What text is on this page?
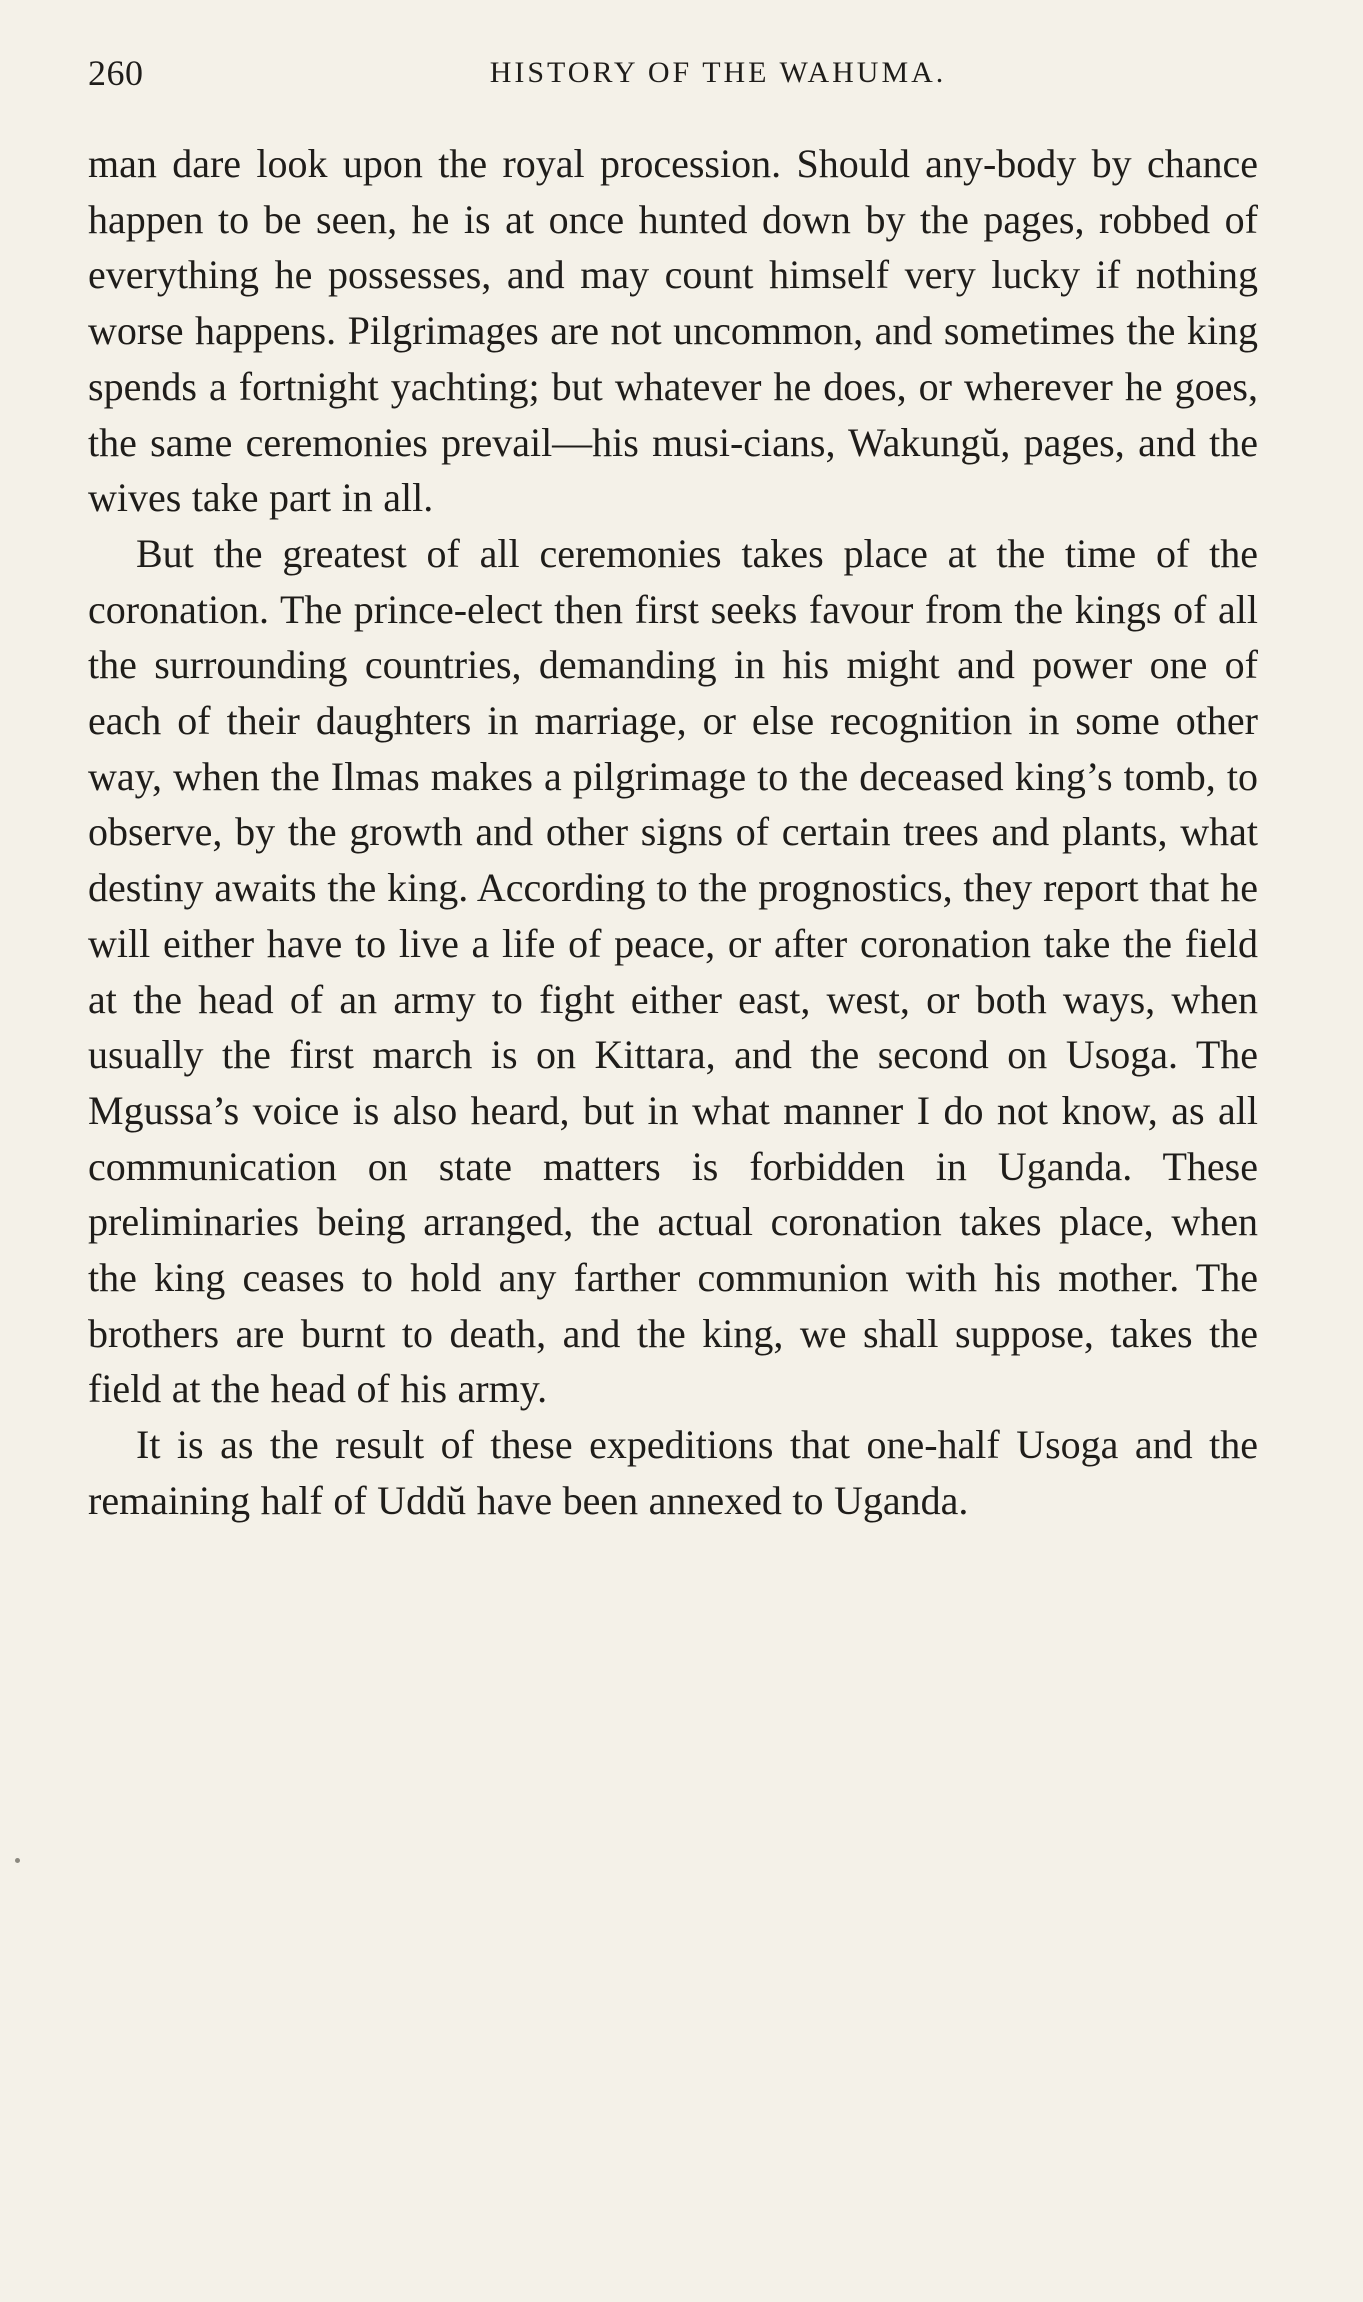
260	HISTORY OF THE WAHUMA.

man dare look upon the royal procession. Should any-body by chance happen to be seen, he is at once hunted down by the pages, robbed of everything he possesses, and may count himself very lucky if nothing worse happens. Pilgrimages are not uncommon, and sometimes the king spends a fortnight yachting; but whatever he does, or wherever he goes, the same ceremonies prevail—his musi-cians, Wakungŭ, pages, and the wives take part in all.

But the greatest of all ceremonies takes place at the time of the coronation. The prince-elect then first seeks favour from the kings of all the surrounding countries, demanding in his might and power one of each of their daughters in marriage, or else recognition in some other way, when the Ilmas makes a pilgrimage to the deceased king’s tomb, to observe, by the growth and other signs of certain trees and plants, what destiny awaits the king. According to the prognostics, they report that he will either have to live a life of peace, or after coronation take the field at the head of an army to fight either east, west, or both ways, when usually the first march is on Kittara, and the second on Usoga. The Mgussa’s voice is also heard, but in what manner I do not know, as all communication on state matters is forbidden in Uganda. These preliminaries being arranged, the actual coronation takes place, when the king ceases to hold any farther communion with his mother. The brothers are burnt to death, and the king, we shall suppose, takes the field at the head of his army.

It is as the result of these expeditions that one-half Usoga and the remaining half of Uddŭ have been annexed to Uganda.
